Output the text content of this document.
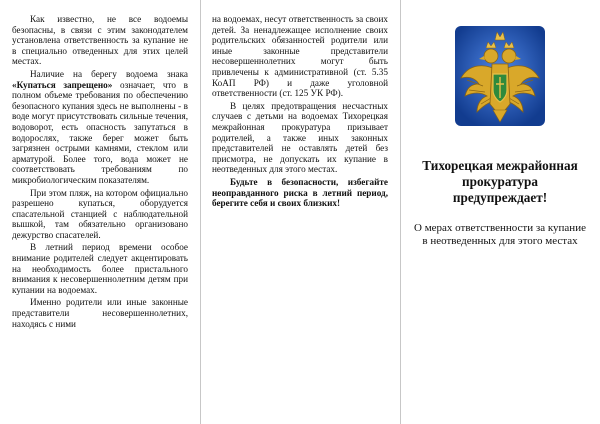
Как известно, не все водоемы безопасны, в связи с этим законодателем установлена ответственность за купание не в специально отведенных для этих целей местах.

Наличие на берегу водоема знака «Купаться запрещено» означает, что в полном объеме требования по обеспечению безопасного купания здесь не выполнены - в воде могут присутствовать сильные течения, водоворот, есть опасность запутаться в водорослях, также берег может быть загрязнен острыми камнями, стеклом или арматурой. Более того, вода может не соответствовать требованиям по микробиологическим показателям.

При этом пляж, на котором официально разрешено купаться, оборудуется спасательной станцией с наблюдательной вышкой, там обязательно организовано дежурство спасателей.

В летний период времени особое внимание родителей следует акцентировать на необходимость более пристального внимания к несовершеннолетним детям при купании на водоемах.

Именно родители или иные законные представители несовершеннолетних, находясь с ними

на водоемах, несут ответственность за своих детей. За ненадлежащее исполнение своих родительских обязанностей родители или иные законные представители несовершеннолетних могут быть привлечены к административной (ст. 5.35 КоАП РФ) и даже уголовной ответственности (ст. 125 УК РФ).

В целях предотвращения несчастных случаев с детьми на водоемах Тихорецкая межрайонная прокуратура призывает родителей, а также иных законных представителей не оставлять детей без присмотра, не допускать их купание в неотведенных для этого местах.

Будьте в безопасности, избегайте неоправданного риска в летний период, берегите себя и своих близких!

Тихорецкая межрайонная прокуратура предупреждает!
О мерах ответственности за купание в неотведенных для этого местах
